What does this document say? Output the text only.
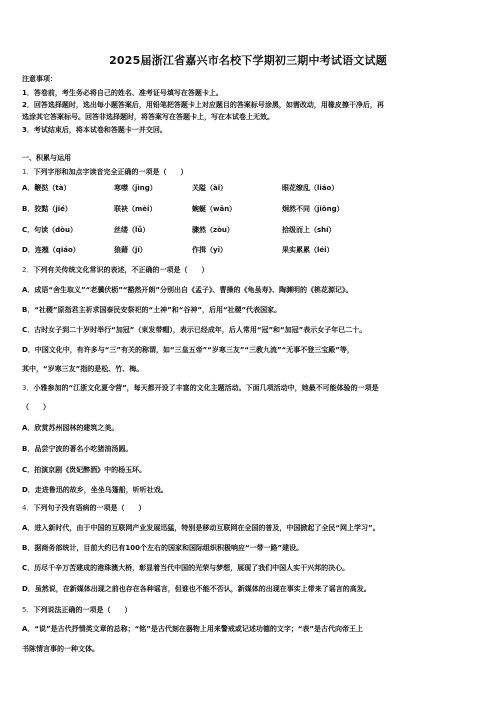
2025届浙江省嘉兴市名校下学期初三期中考试语文试题
注意事项：
1．答卷前，考生务必将自己的姓名、准考证号填写在答题卡上。
2．回答选择题时，选出每小题答案后，用铅笔把答题卡上对应题目的答案标号涂黑，如需改动，用橡皮擦干净后，再
选涂其它答案标号。回答非选择题时，将答案写在答题卡上，写在本试卷上无效。
3．考试结束后，将本试卷和答题卡一并交回。
一、积累与运用
1．下列字形和加点字读音完全正确的一项是（　　）
A．鞭挞（tà）	寒噤（jìng）	关隘（ài）	眼花缭乱（liáo）
B．狡黠（jié）	联袂（mèi）	蜿蜒（wān）	炯然不同（jiǒng）
C．句读（dòu）	丝缕（lǚ）	骤然（zòu）	拾级而上（shí）
D．连翘（qiáo）	狼藉（jí）	作揖（yī）	果实累累（léi）
2．下列有关传统文化常识的表述，不正确的一项是（　　）
A．成语“舍生取义”“老骥伏枥”“豁然开朗”分别出自《孟子》、曹操的《龟虽寿》、陶渊明的《桃花源记》。
B．“社稷”原指君主祈求国泰民安祭祀的“土神”和“谷神”，后用“社稷”代表国家。
C．古时女子到二十岁时举行“加冠”（束发带帽），表示已经成年，后人常用“冠”和“加冠”表示女子年已二十。
D．中国文化中，有许多与“三”有关的称谓，如“三皇五帝”“岁寒三友”“三教九流”“无事不登三宝殿”等，
其中，“岁寒三友”指的是松、竹、梅。
3．小雅参加的“江浙文化夏令营”，每天都开设了丰富的文化主题活动。下面几项活动中，她最不可能体验的一项是
（　　）
A．欣赏苏州园林的建筑之美。
B．品尝宁波的著名小吃猪油汤圆。
C．拍演京剧《贵妃醉酒》中的杨玉环。
D．走进鲁迅的故乡，坐坐乌篷船，听听社戏。
4．下列句子没有语病的一项是（　　）
A．进入新时代，由于中国的互联网产业发展迅猛，特别是移动互联网在全国的普及，中国掀起了全民“网上学习”。
B．据商务部统计，目前大约已有100个左右的国家和国际组织积极响应“一带一路”建设。
C．历尽千辛万苦建成的港珠澳大桥，彰显着当代中国的光荣与梦想，展现了我们中国人实干兴邦的决心。
D．虽然说，在新媒体出现之前也存在各种谣言，但谁也不能不否认，新媒体的出现在事实上带来了谣言的高发。
5．下列说法正确的一项是（　　）
A．“说”是古代抒情类文章的总称；“铭”是古代刻在器物上用来警戒或记述功德的文字；“表”是古代向帝王上
书陈情言事的一种文体。
